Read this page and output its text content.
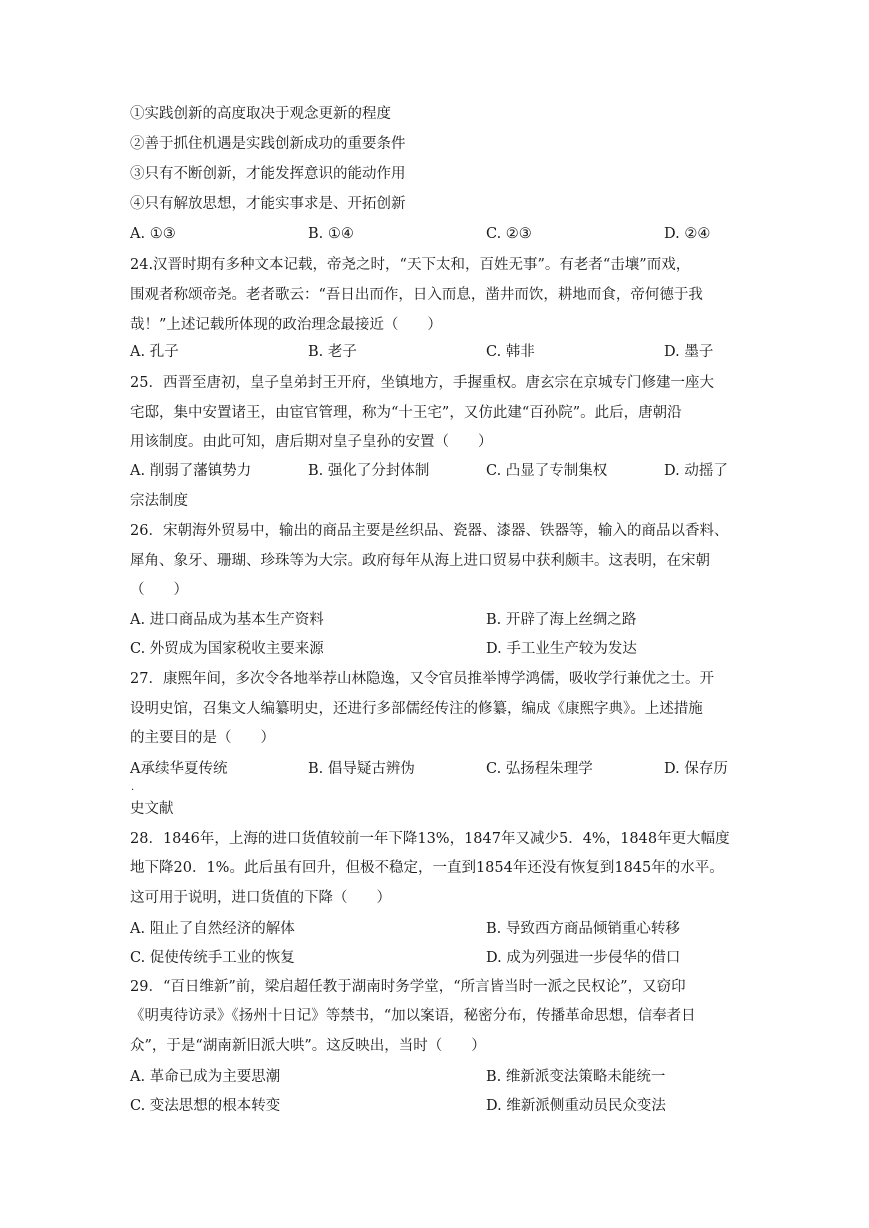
①实践创新的高度取决于观念更新的程度
②善于抓住机遇是实践创新成功的重要条件
③只有不断创新，才能发挥意识的能动作用
④只有解放思想，才能实事求是、开拓创新
A. ①③	B. ①④	C. ②③	D. ②④
24.汉晋时期有多种文本记载，帝尧之时，“天下太和，百姓无事”。有老者“击壤”而戏，
围观者称颂帝尧。老者歌云：“吾日出而作，日入而息，凿井而饮，耕地而食，帝何德于我
哉！”上述记载所体现的政治理念最接近（　　）
A. 孔子	B. 老子	C. 韩非	D. 墨子
25．西晋至唐初，皇子皇弟封王开府，坐镇地方，手握重权。唐玄宗在京城专门修建一座大
宅邸，集中安置诸王，由宦官管理，称为“十王宅”，又仿此建“百孙院”。此后，唐朝沿
用该制度。由此可知，唐后期对皇子皇孙的安置（　　）
A. 削弱了藩镇势力	B. 强化了分封体制	C. 凸显了专制集权	D. 动摇了
宗法制度
26．宋朝海外贸易中，输出的商品主要是丝织品、瓷器、漆器、铁器等，输入的商品以香料、
犀角、象牙、珊瑚、珍珠等为大宗。政府每年从海上进口贸易中获利颇丰。这表明，在宋朝
（　　）
A. 进口商品成为基本生产资料	B. 开辟了海上丝绸之路
C. 外贸成为国家税收主要来源	D. 手工业生产较为发达
27．康熙年间，多次令各地举荐山林隐逸，又令官员推举博学鸿儒，吸收学行兼优之士。开
设明史馆，召集文人编纂明史，还进行多部儒经传注的修纂，编成《康熙字典》。上述措施
的主要目的是（　　）
A承续华夏传统	B. 倡导疑古辨伪	C. 弘扬程朱理学	D. 保存历
·
史文献
28．1846年，上海的进口货值较前一年下降13%，1847年又减少5．4%，1848年更大幅度
地下降20．1%。此后虽有回升，但极不稳定，一直到1854年还没有恢复到1845年的水平。
这可用于说明，进口货值的下降（　　）
A. 阻止了自然经济的解体	B. 导致西方商品倾销重心转移
C. 促使传统手工业的恢复	D. 成为列强进一步侵华的借口
29．“百日维新”前，梁启超任教于湖南时务学堂，“所言皆当时一派之民权论”，又窃印
《明夷待访录》《扬州十日记》等禁书，“加以案语，秘密分布，传播革命思想，信奉者日
众”，于是“湖南新旧派大哄”。这反映出，当时（　　）
A. 革命已成为主要思潮	B. 维新派变法策略未能统一
C. 变法思想的根本转变	D. 维新派侧重动员民众变法
